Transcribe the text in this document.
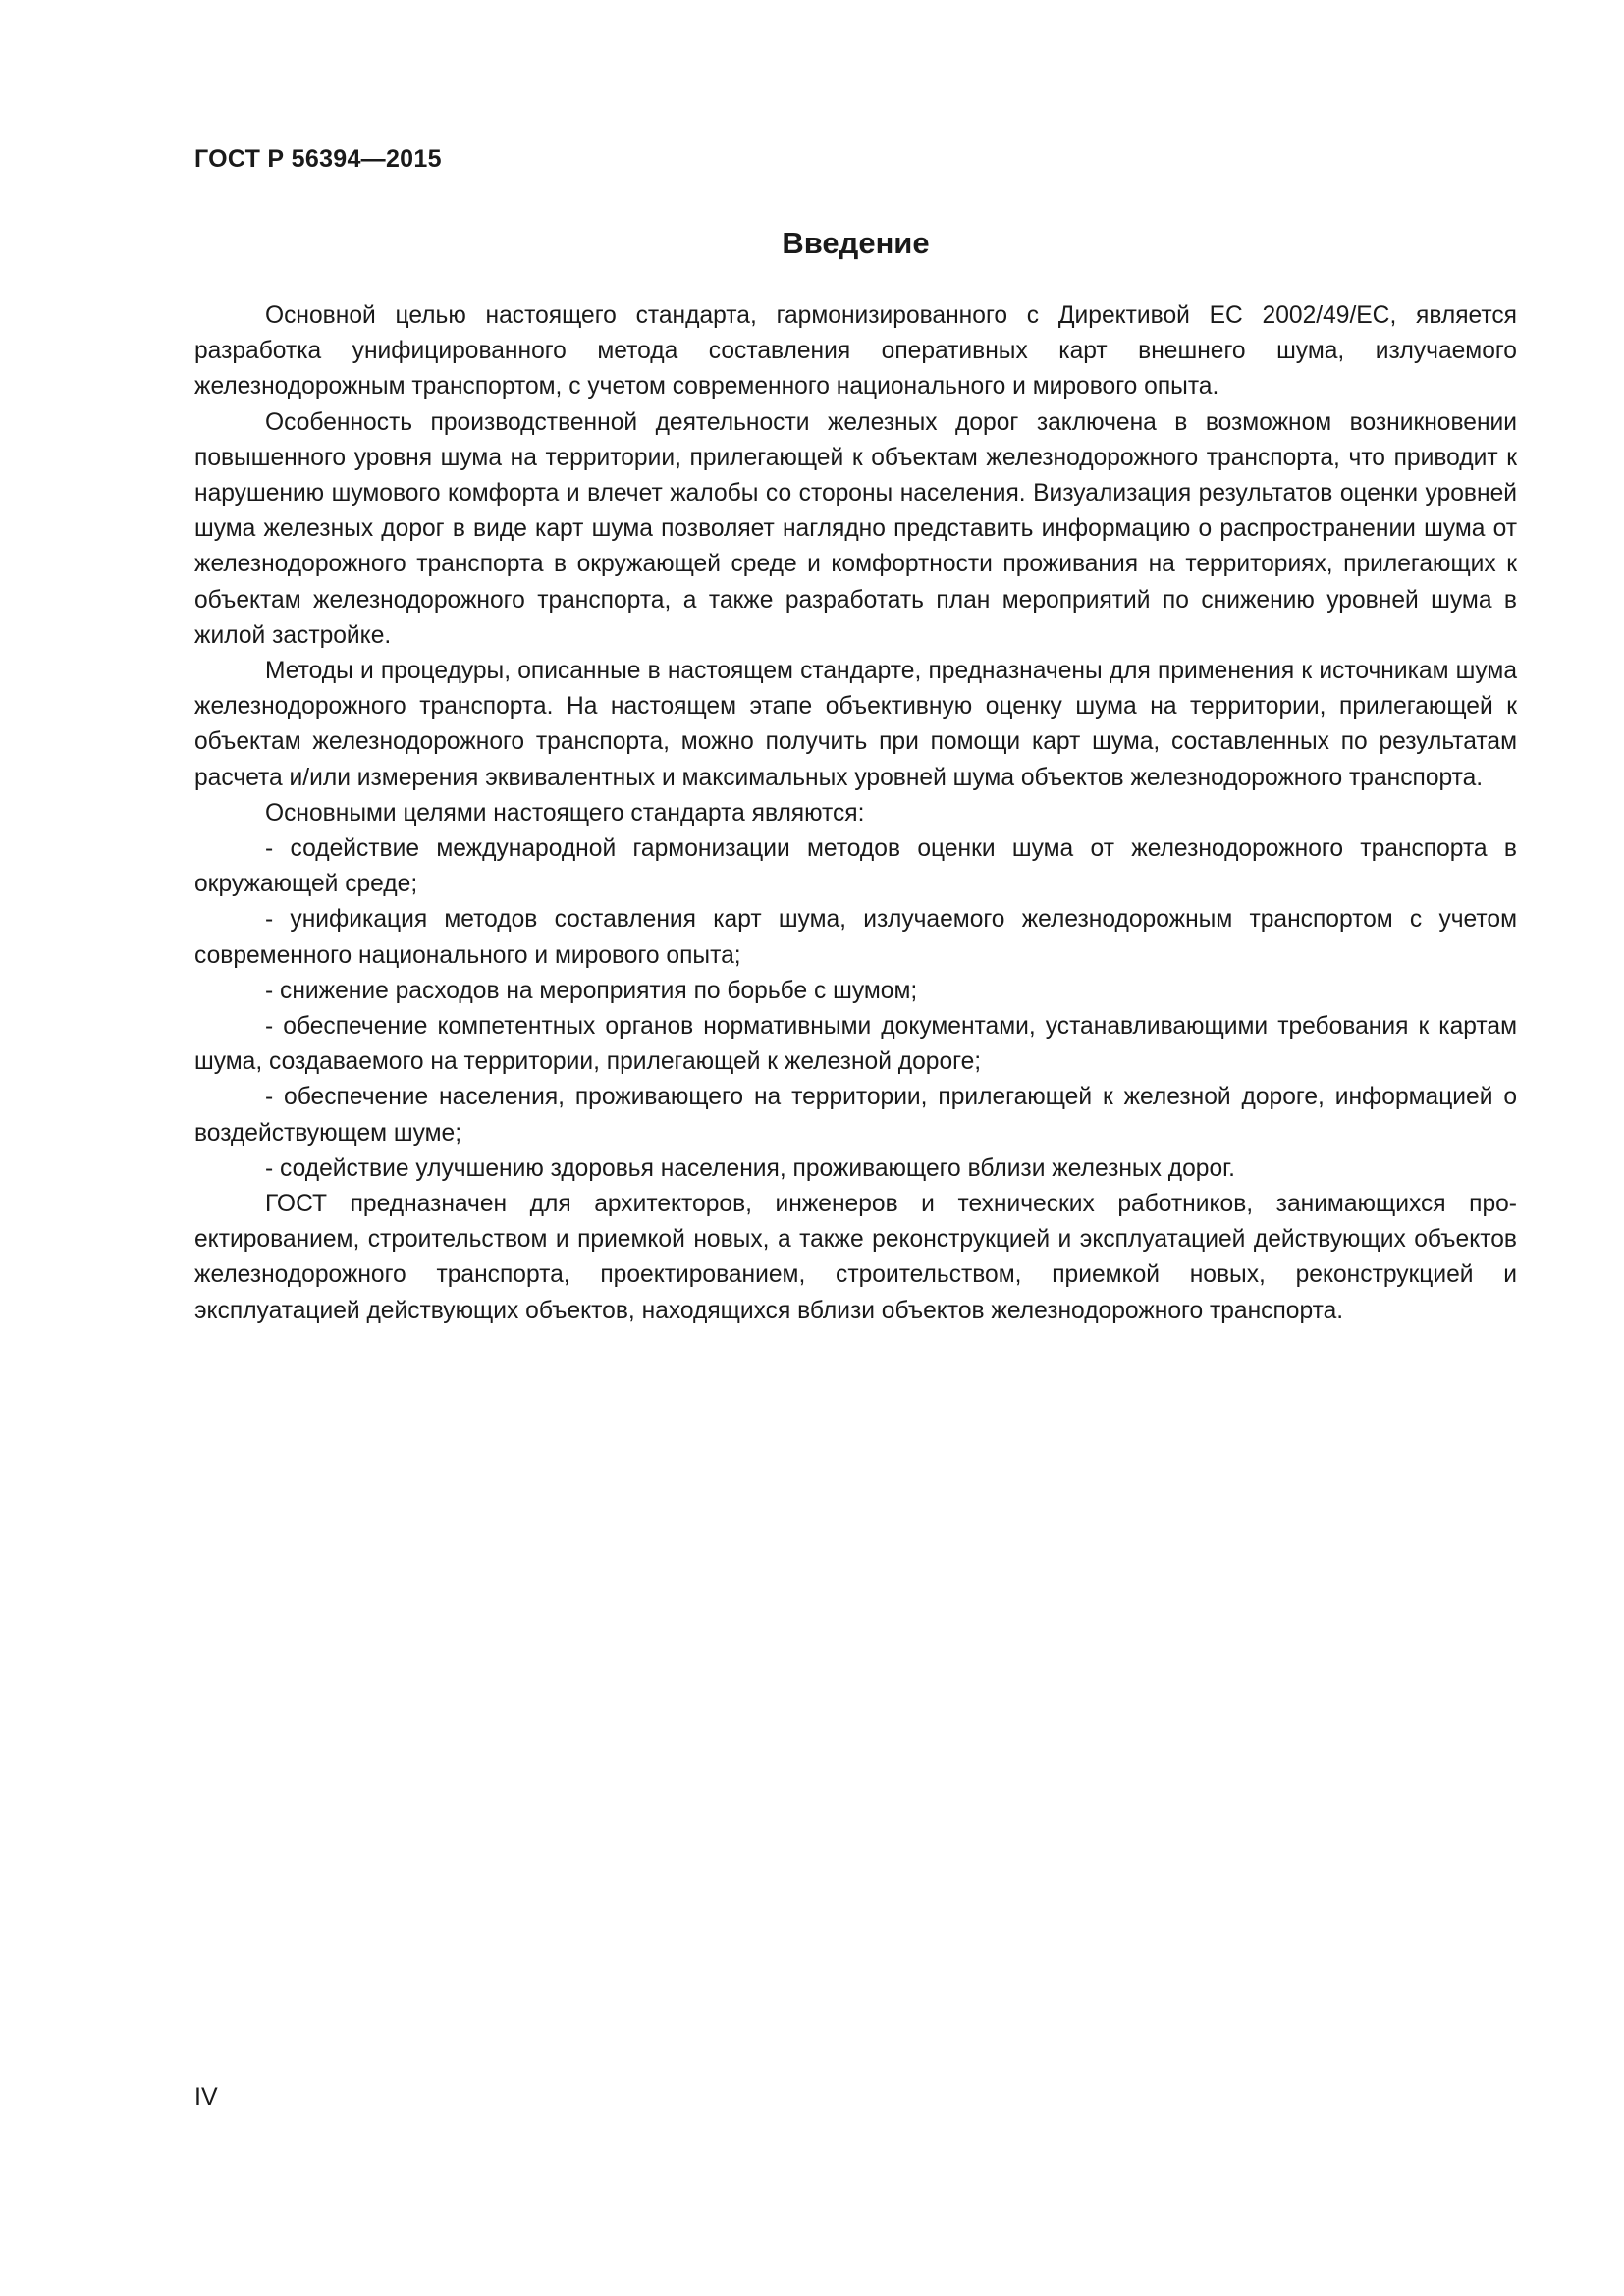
ГОСТ Р 56394—2015
Введение

Основной целью настоящего стандарта, гармонизированного с Директивой ЕС 2002/49/ЕС, является разработка унифицированного метода составления оперативных карт внешнего шума, излучаемого железнодорожным транспортом, с учетом современного национального и мирового опыта.

Особенность производственной деятельности железных дорог заключена в возможном возникновении повышенного уровня шума на территории, прилегающей к объектам железнодорожного транспорта, что приводит к нарушению шумового комфорта и влечет жалобы со стороны населения. Визуализация результатов оценки уровней шума железных дорог в виде карт шума позволяет наглядно представить информацию о распространении шума от железнодорожного транспорта в окружающей среде и комфортности проживания на территориях, прилегающих к объектам железнодорожного транспорта, а также разработать план мероприятий по снижению уровней шума в жилой застройке.

Методы и процедуры, описанные в настоящем стандарте, предназначены для применения к источникам шума железнодорожного транспорта. На настоящем этапе объективную оценку шума на территории, прилегающей к объектам железнодорожного транспорта, можно получить при помощи карт шума, составленных по результатам расчета и/или измерения эквивалентных и максимальных уровней шума объектов железнодорожного транспорта.

Основными целями настоящего стандарта являются:

- содействие международной гармонизации методов оценки шума от железнодорожного транспорта в окружающей среде;

- унификация методов составления карт шума, излучаемого железнодорожным транспортом с учетом современного национального и мирового опыта;

- снижение расходов на мероприятия по борьбе с шумом;

- обеспечение компетентных органов нормативными документами, устанавливающими требования к картам шума, создаваемого на территории, прилегающей к железной дороге;

- обеспечение населения, проживающего на территории, прилегающей к железной дороге, информацией о воздействующем шуме;

- содействие улучшению здоровья населения, проживающего вблизи железных дорог.

ГОСТ предназначен для архитекторов, инженеров и технических работников, занимающихся проектированием, строительством и приемкой новых, а также реконструкцией и эксплуатацией действующих объектов железнодорожного транспорта, проектированием, строительством, приемкой новых, реконструкцией и эксплуатацией действующих объектов, находящихся вблизи объектов железнодорожного транспорта.

IV
